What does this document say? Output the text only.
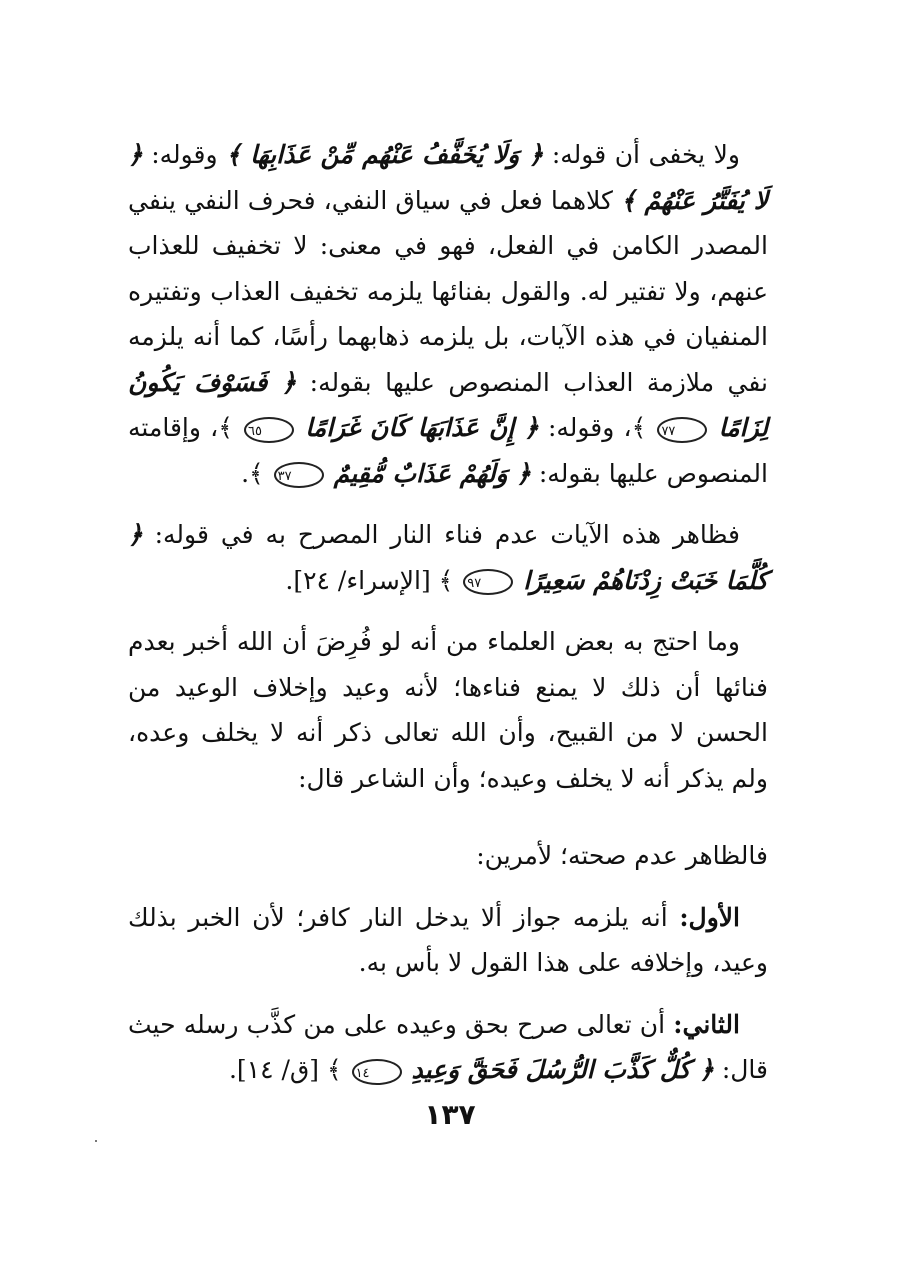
ولا يخفى أن قوله: ﴿ وَلَا يُخَفَّفُ عَنْهُم مِّنْ عَذَابِهَا ﴾ وقوله: ﴿ لَا يُفَتَّرُ عَنْهُمْ ﴾ كلاهما فعل في سياق النفي، فحرف النفي ينفي المصدر الكامن في الفعل، فهو في معنى: لا تخفيف للعذاب عنهم، ولا تفتير له. والقول بفنائها يلزمه تخفيف العذاب وتفتيره المنفيان في هذه الآيات، بل يلزمه ذهابهما رأسًا، كما أنه يلزمه نفي ملازمة العذاب المنصوص عليها بقوله: ﴿ فَسَوْفَ يَكُونُ لِزَامًا ٧٧ ﴾، وقوله: ﴿ إِنَّ عَذَابَهَا كَانَ غَرَامًا ٦٥ ﴾، وإقامته المنصوص عليها بقوله: ﴿ وَلَهُمْ عَذَابٌ مُّقِيمٌ ٣٧ ﴾.

فظاهر هذه الآيات عدم فناء النار المصرح به في قوله: ﴿ كُلَّمَا خَبَتْ زِدْنَاهُمْ سَعِيرًا ٩٧ ﴾ [الإسراء/ ٢٤].

وما احتج به بعض العلماء من أنه لو فُرِضَ أن الله أخبر بعدم فنائها أن ذلك لا يمنع فناءها؛ لأنه وعيد وإخلاف الوعيد من الحسن لا من القبيح، وأن الله تعالى ذكر أنه لا يخلف وعده، ولم يذكر أنه لا يخلف وعيده؛ وأن الشاعر قال:

فالظاهر عدم صحته؛ لأمرين:

الأول: أنه يلزمه جواز ألا يدخل النار كافر؛ لأن الخبر بذلك وعيد، وإخلافه على هذا القول لا بأس به.

الثاني: أن تعالى صرح بحق وعيده على من كذَّب رسله حيث قال: ﴿ كُلٌّ كَذَّبَ الرُّسُلَ فَحَقَّ وَعِيدِ ١٤ ﴾ [ق/ ١٤].

١٣٧
